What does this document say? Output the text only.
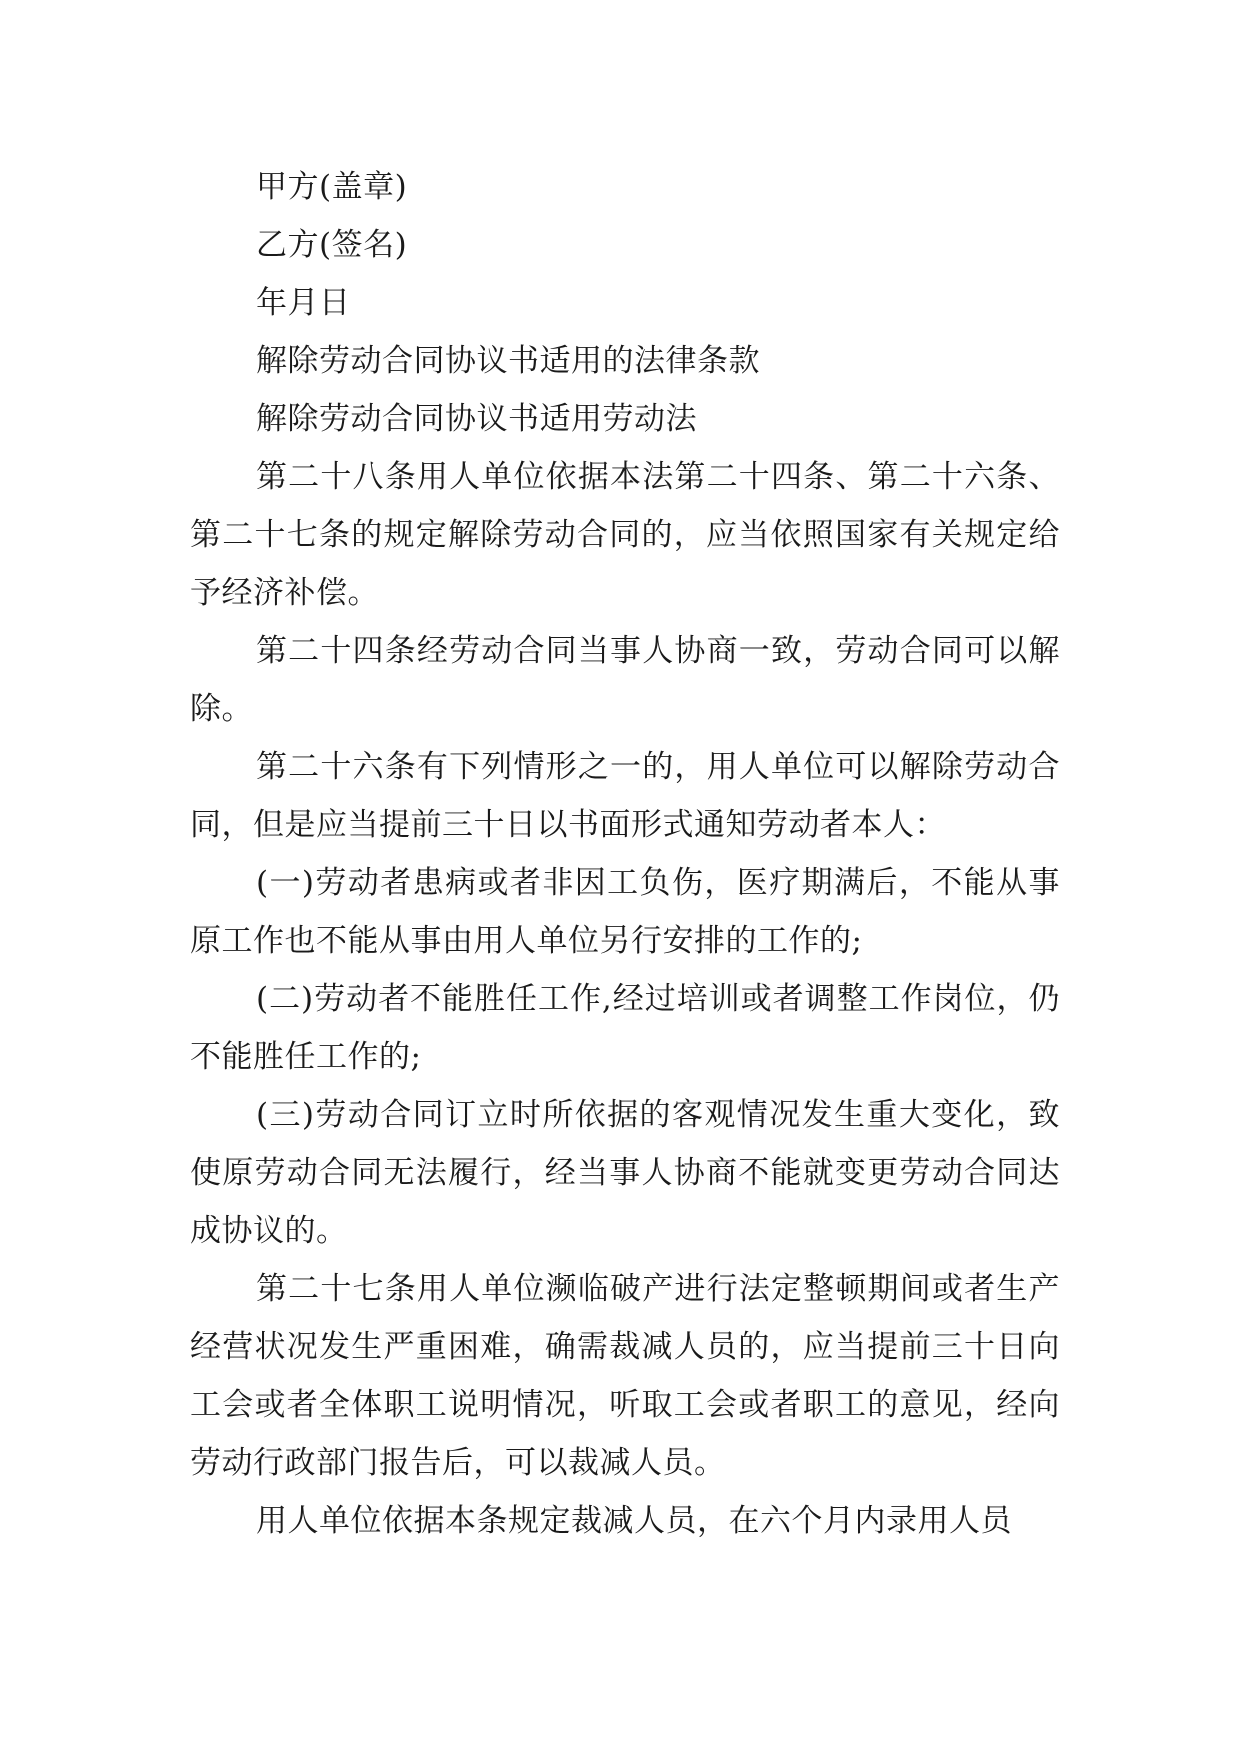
甲方(盖章)

乙方(签名)

年月日

解除劳动合同协议书适用的法律条款

解除劳动合同协议书适用劳动法

第二十八条用人单位依据本法第二十四条、第二十六条、第二十七条的规定解除劳动合同的，应当依照国家有关规定给予经济补偿。

第二十四条经劳动合同当事人协商一致，劳动合同可以解除。

第二十六条有下列情形之一的，用人单位可以解除劳动合同，但是应当提前三十日以书面形式通知劳动者本人：

(一)劳动者患病或者非因工负伤，医疗期满后，不能从事原工作也不能从事由用人单位另行安排的工作的;

(二)劳动者不能胜任工作,经过培训或者调整工作岗位，仍不能胜任工作的;

(三)劳动合同订立时所依据的客观情况发生重大变化，致使原劳动合同无法履行，经当事人协商不能就变更劳动合同达成协议的。

第二十七条用人单位濒临破产进行法定整顿期间或者生产经营状况发生严重困难，确需裁减人员的，应当提前三十日向工会或者全体职工说明情况，听取工会或者职工的意见，经向劳动行政部门报告后，可以裁减人员。

用人单位依据本条规定裁减人员，在六个月内录用人员
